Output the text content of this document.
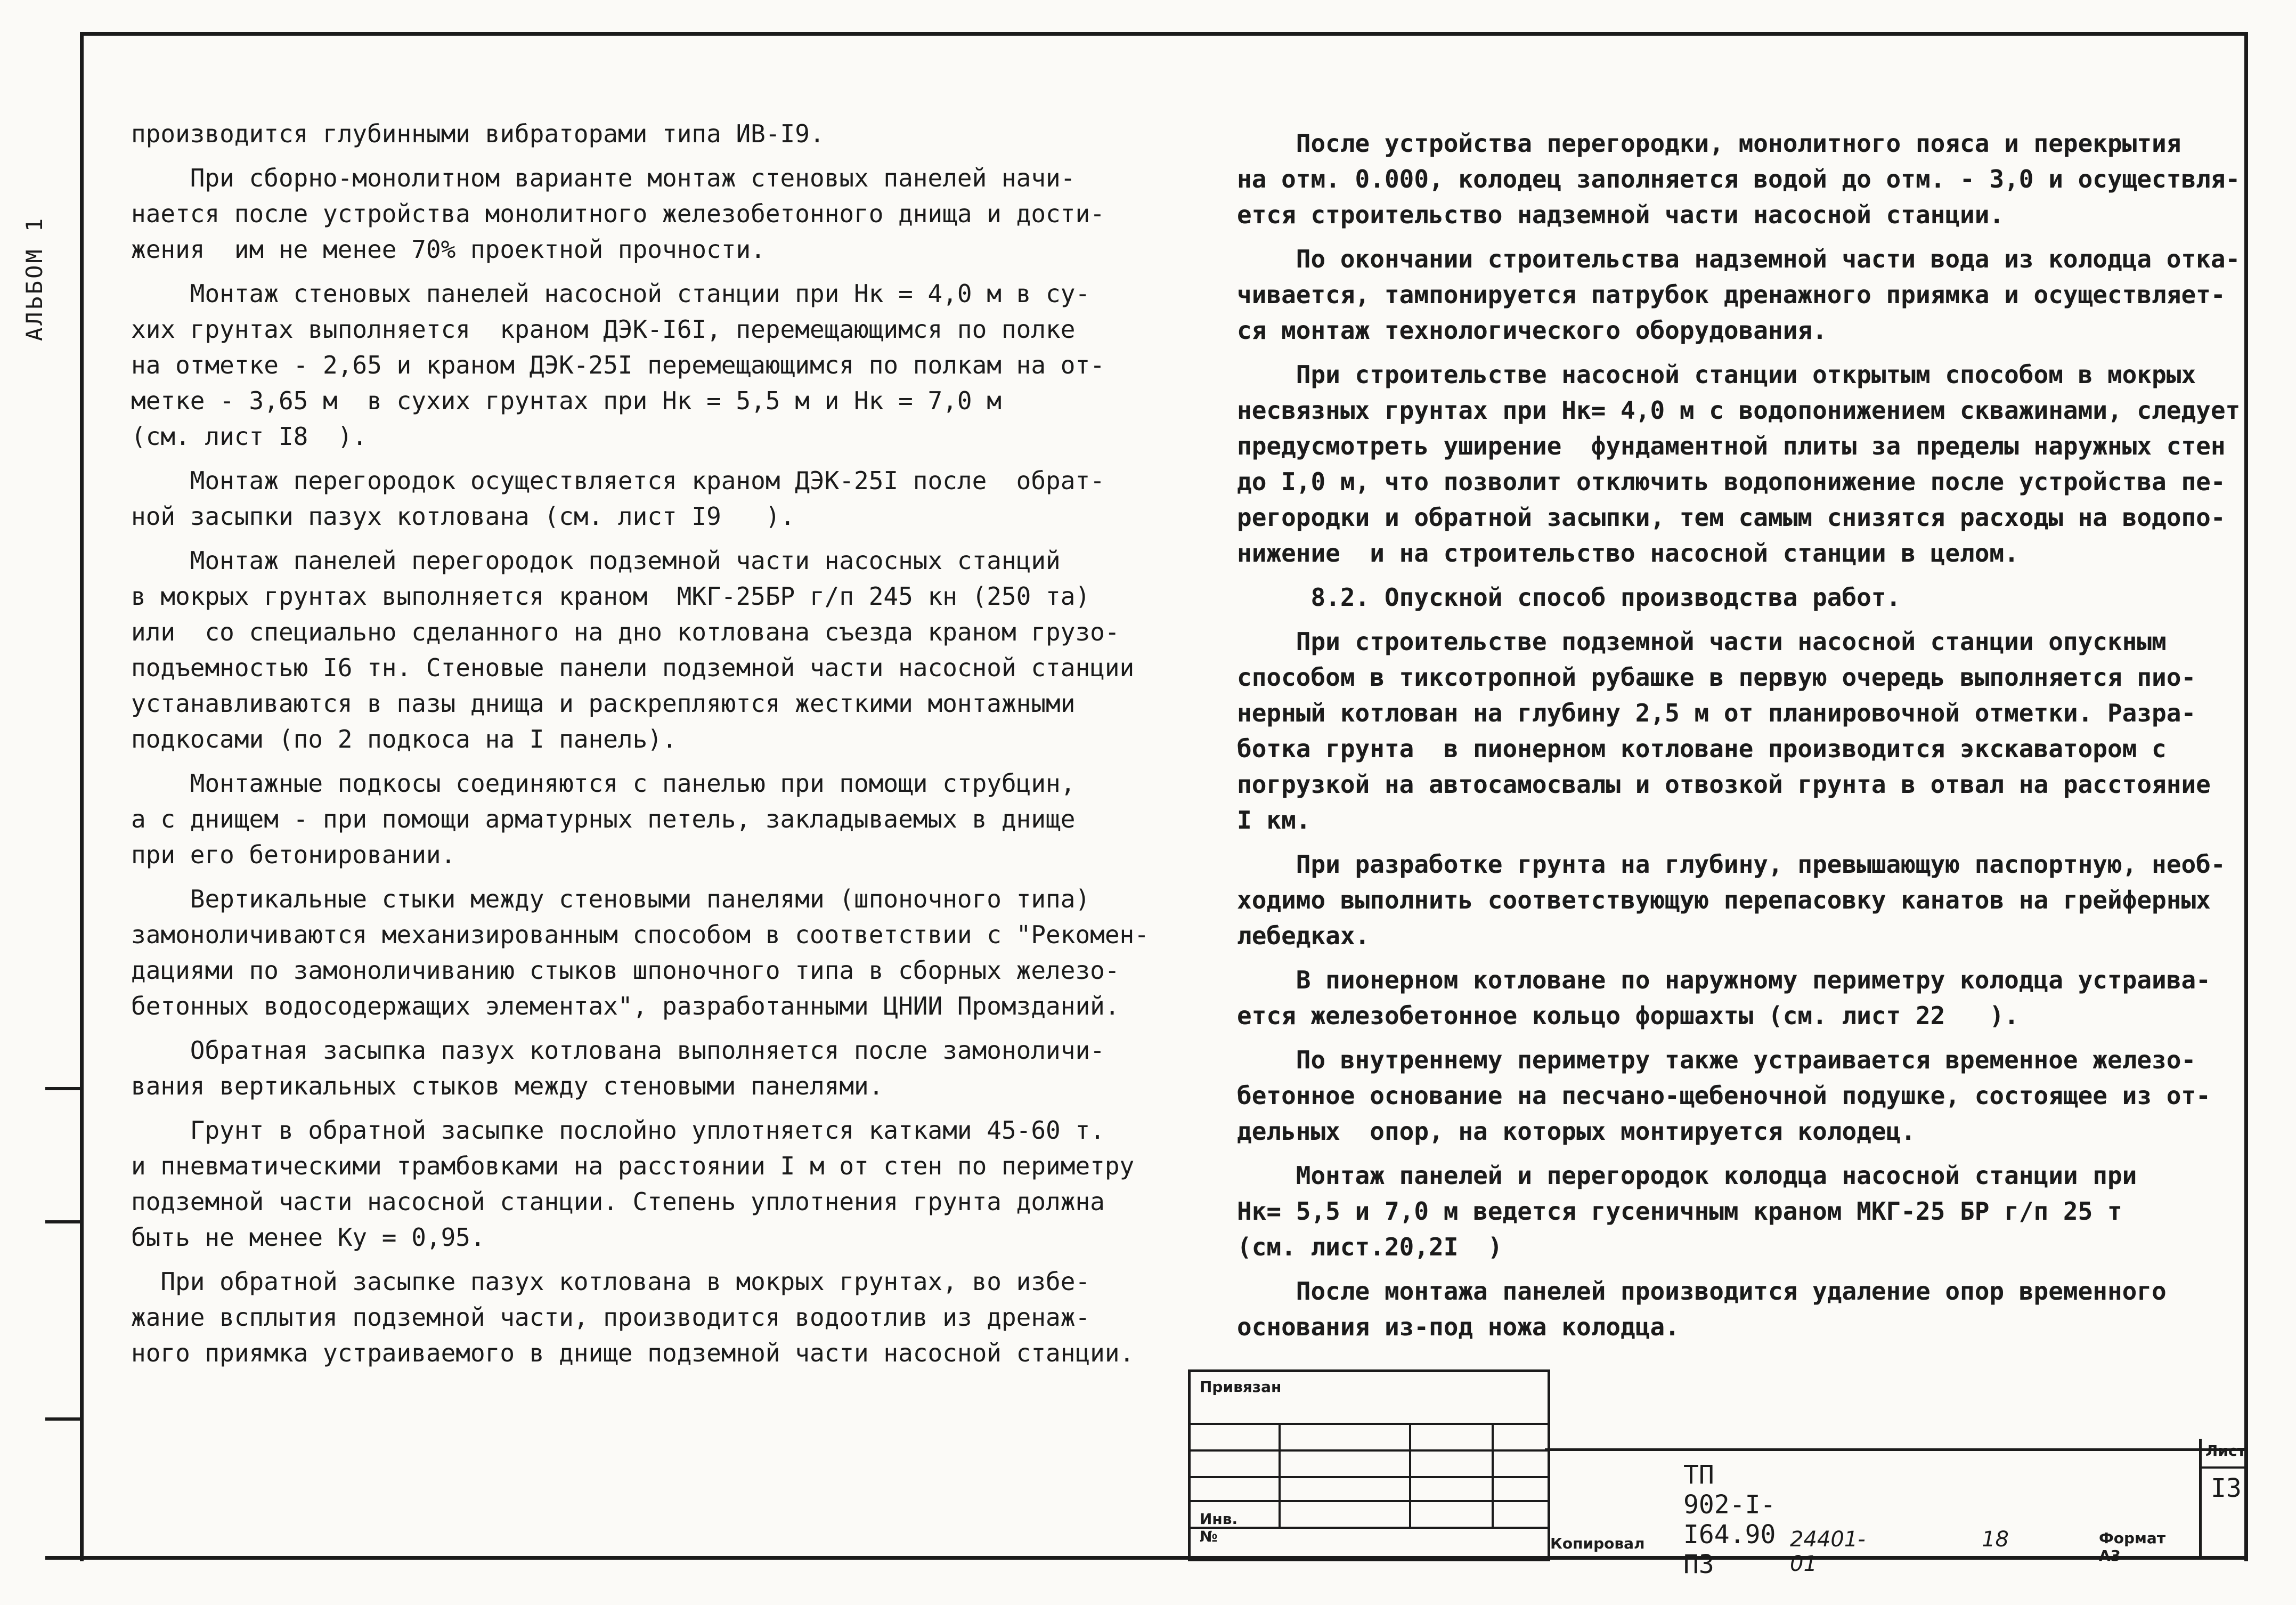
АЛЬБОМ 1

производится глубинными вибраторами типа ИВ-I9.

При сборно-монолитном варианте монтаж стеновых панелей начи-
нается после устройства монолитного железобетонного днища и дости-
жения  им не менее 70% проектной прочности.

Монтаж стеновых панелей насосной станции при Нк = 4,0 м в су-
хих грунтах выполняется  краном ДЭК-I6I, перемещающимся по полке
на отметке - 2,65 и краном ДЭК-25I перемещающимся по полкам на от-
метке - 3,65 м  в сухих грунтах при Нк = 5,5 м и Нк = 7,0 м
(см. лист I8  ).

Монтаж перегородок осуществляется краном ДЭК-25I после  обрат-
ной засыпки пазух котлована (см. лист I9   ).

Монтаж панелей перегородок подземной части насосных станций
в мокрых грунтах выполняется краном  МКГ-25БР г/п 245 кн (250 та)
или  со специально сделанного на дно котлована съезда краном грузо-
подъемностью I6 тн. Стеновые панели подземной части насосной станции
устанавливаются в пазы днища и раскрепляются жесткими монтажными
подкосами (по 2 подкоса на I панель).

Монтажные подкосы соединяются с панелью при помощи струбцин,
а с днищем - при помощи арматурных петель, закладываемых в днище
при его бетонировании.

Вертикальные стыки между стеновыми панелями (шпоночного типа)
замоноличиваются механизированным способом в соответствии с "Рекомен-
дациями по замоноличиванию стыков шпоночного типа в сборных железо-
бетонных водосодержащих элементах", разработанными ЦНИИ Промзданий.

Обратная засыпка пазух котлована выполняется после замоноличи-
вания вертикальных стыков между стеновыми панелями.

Грунт в обратной засыпке послойно уплотняется катками 45-60 т.
и пневматическими трамбовками на расстоянии I м от стен по периметру
подземной части насосной станции. Степень уплотнения грунта должна
быть не менее Ку = 0,95.

При обратной засыпке пазух котлована в мокрых грунтах, во избе-
жание всплытия подземной части, производится водоотлив из дренаж-
ного приямка устраиваемого в днище подземной части насосной станции.

После устройства перегородки, монолитного пояса и перекрытия
на отм. 0.000, колодец заполняется водой до отм. - 3,0 и осуществля-
ется строительство надземной части насосной станции.

По окончании строительства надземной части вода из колодца отка-
чивается, тампонируется патрубок дренажного приямка и осуществляет-
ся монтаж технологического оборудования.

При строительстве насосной станции открытым способом в мокрых
несвязных грунтах при Нк= 4,0 м с водопонижением скважинами, следует
предусмотреть уширение  фундаментной плиты за пределы наружных стен
до I,0 м, что позволит отключить водопонижение после устройства пе-
регородки и обратной засыпки, тем самым снизятся расходы на водопо-
нижение  и на строительство насосной станции в целом.

8.2. Опускной способ производства работ.

При строительстве подземной части насосной станции опускным
способом в тиксотропной рубашке в первую очередь выполняется пио-
нерный котлован на глубину 2,5 м от планировочной отметки. Разра-
ботка грунта  в пионерном котловане производится экскаватором с
погрузкой на автосамосвалы и отвозкой грунта в отвал на расстояние
I км.

При разработке грунта на глубину, превышающую паспортную, необ-
ходимо выполнить соответствующую перепасовку канатов на грейферных
лебедках.

В пионерном котловане по наружному периметру колодца устраива-
ется железобетонное кольцо форшахты (см. лист 22   ).

По внутреннему периметру также устраивается временное железо-
бетонное основание на песчано-щебеночной подушке, состоящее из от-
дельных  опор, на которых монтируется колодец.

Монтаж панелей и перегородок колодца насосной станции при
Нк= 5,5 и 7,0 м ведется гусеничным краном МКГ-25 БР г/п 25 т
(см. лист.20,2I  )

После монтажа панелей производится удаление опор временного
основания из-под ножа колодца.

Привязан
Инв. №
ТП 902-I-I64.90 ПЗ
Лист
I3
Копировал	24401-01
18	Формат А3
